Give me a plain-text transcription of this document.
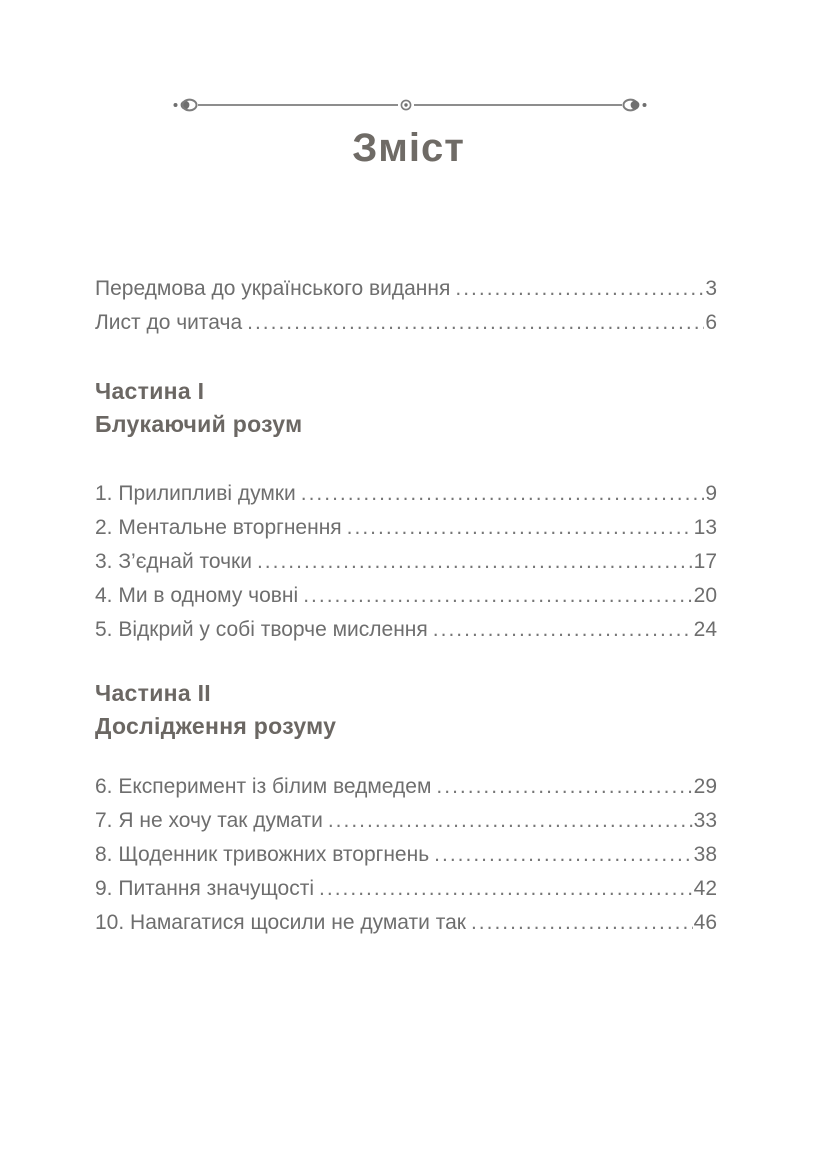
Зміст
Передмова до українського видання .....	3
Лист до читача .....	6
Частина I
Блукаючий розум
1. Прилипливі думки .....	9
2. Ментальне вторгнення .....	13
3. З’єднай точки .....	17
4. Ми в одному човні .....	20
5. Відкрий у собі творче мислення .....	24
Частина II
Дослідження розуму
6. Експеримент із білим ведмедем .....	29
7. Я не хочу так думати .....	33
8. Щоденник тривожних вторгнень .....	38
9. Питання значущості .....	42
10. Намагатися щосили не думати так .....	46
